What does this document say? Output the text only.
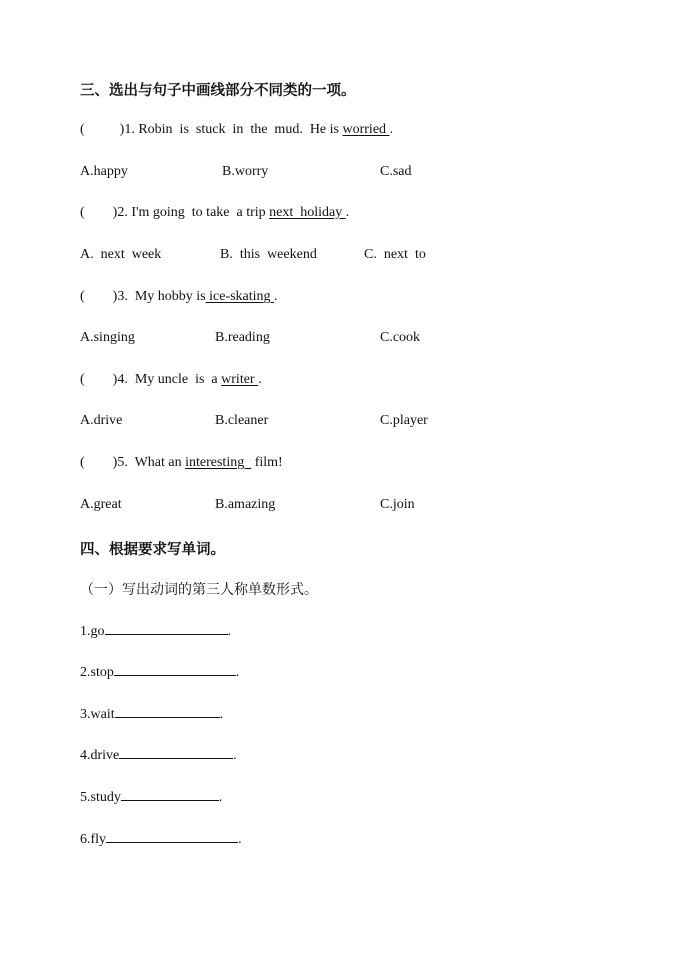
三、选出与句子中画线部分不同类的一项。
(          )1. Robin  is  stuck  in  the  mud.  He is worried .
A.happy	B.worry	C.sad
(        )2. I'm going  to take  a trip next  holiday .
A.  next  week	B.  this  weekend	C.  next  to
(        )3.  My hobby is ice-skating .
A.singing	B.reading	C.cook
(        )4.  My uncle  is  a writer .
A.drive	B.cleaner	C.player
(        )5.  What an interesting   film!
A.great	B.amazing	C.join
四、根据要求写单词。
（一）写出动词的第三人称单数形式。
1.go	.
2.stop	.
3.wait	.
4.drive	.
5.study	.
6.fly	.
